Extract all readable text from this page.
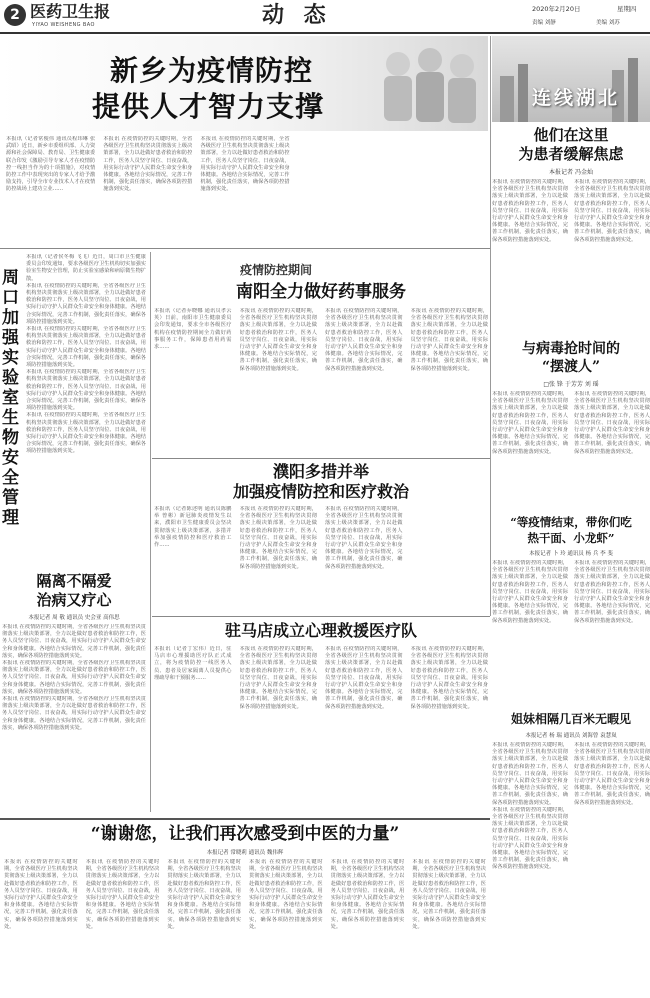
2 医药卫生报
YIYAO WEISHENG BAO	动 态	2020年2月20日	星期四
责编 刘靜	美编 刘苏
新乡为疫情防控
提供人才智力支撑

本报讯（记者常俊伟 通讯员程玮琳 张武昭）近日，新乡市委组织部、人力资源和社会保障局、教育局、卫生健康委联合印发《激励引导专家人才在疫情防控一线担当作为的十项措施》，对疫情防控工作中表现突出的专家人才给予激励支持，引导全市专业技术人才在疫情防控战场上建功立业……

本报讯 在疫情防控的关键时期，全省各级医疗卫生机构坚决贯彻落实上级决策部署，全力以赴做好患者救治和防控工作，医务人员坚守岗位、日夜奋战，用实际行动守护人民群众生命安全和身体健康。各地结合实际情况，完善工作机制，强化责任落实，确保各项防控措施落到实处。

本报讯 在疫情防控的关键时期，全省各级医疗卫生机构坚决贯彻落实上级决策部署，全力以赴做好患者救治和防控工作，医务人员坚守岗位、日夜奋战，用实际行动守护人民群众生命安全和身体健康。各地结合实际情况，完善工作机制，强化责任落实，确保各项防控措施落到实处。

连线湖北
他们在这里
为患者缓解焦虑
本报记者 冯金灿

本报讯 在疫情防控的关键时期，全省各级医疗卫生机构坚决贯彻落实上级决策部署，全力以赴做好患者救治和防控工作，医务人员坚守岗位、日夜奋战，用实际行动守护人民群众生命安全和身体健康。各地结合实际情况，完善工作机制，强化责任落实，确保各项防控措施落到实处。

本报讯 在疫情防控的关键时期，全省各级医疗卫生机构坚决贯彻落实上级决策部署，全力以赴做好患者救治和防控工作，医务人员坚守岗位、日夜奋战，用实际行动守护人民群众生命安全和身体健康。各地结合实际情况，完善工作机制，强化责任落实，确保各项防控措施落到实处。

与病毒抢时间的
“摆渡人”
□张 锋 于芳芳 刘 瑶

本报讯 在疫情防控的关键时期，全省各级医疗卫生机构坚决贯彻落实上级决策部署，全力以赴做好患者救治和防控工作，医务人员坚守岗位、日夜奋战，用实际行动守护人民群众生命安全和身体健康。各地结合实际情况，完善工作机制，强化责任落实，确保各项防控措施落到实处。

本报讯 在疫情防控的关键时期，全省各级医疗卫生机构坚决贯彻落实上级决策部署，全力以赴做好患者救治和防控工作，医务人员坚守岗位、日夜奋战，用实际行动守护人民群众生命安全和身体健康。各地结合实际情况，完善工作机制，强化责任落实，确保各项防控措施落到实处。

“等疫情结束，带你们吃
热干面、小龙虾”
本报记者 卜 玲 通讯员 杨 兵 李 斐

本报讯 在疫情防控的关键时期，全省各级医疗卫生机构坚决贯彻落实上级决策部署，全力以赴做好患者救治和防控工作，医务人员坚守岗位、日夜奋战，用实际行动守护人民群众生命安全和身体健康。各地结合实际情况，完善工作机制，强化责任落实，确保各项防控措施落到实处。

本报讯 在疫情防控的关键时期，全省各级医疗卫生机构坚决贯彻落实上级决策部署，全力以赴做好患者救治和防控工作，医务人员坚守岗位、日夜奋战，用实际行动守护人民群众生命安全和身体健康。各地结合实际情况，完善工作机制，强化责任落实，确保各项防控措施落到实处。

姐妹相隔几百米无暇见
本报记者 杨 瑞 通讯员 刘海曾 袁慧岚

本报讯 在疫情防控的关键时期，全省各级医疗卫生机构坚决贯彻落实上级决策部署，全力以赴做好患者救治和防控工作，医务人员坚守岗位、日夜奋战，用实际行动守护人民群众生命安全和身体健康。各地结合实际情况，完善工作机制，强化责任落实，确保各项防控措施落到实处。

本报讯 在疫情防控的关键时期，全省各级医疗卫生机构坚决贯彻落实上级决策部署，全力以赴做好患者救治和防控工作，医务人员坚守岗位、日夜奋战，用实际行动守护人民群众生命安全和身体健康。各地结合实际情况，完善工作机制，强化责任落实，确保各项防控措施落到实处。

本报讯 在疫情防控的关键时期，全省各级医疗卫生机构坚决贯彻落实上级决策部署，全力以赴做好患者救治和防控工作，医务人员坚守岗位、日夜奋战，用实际行动守护人民群众生命安全和身体健康。各地结合实际情况，完善工作机制，强化责任落实，确保各项防控措施落到实处。

周口加强实验室生物安全管理

本报讯（记者侯冬梅 飞飞）近日，周口市卫生健康委员会印发通知，要求各级医疗卫生机构切实加强实验室生物安全管理，防止实验室感染和病原微生物扩散。

本报讯 在疫情防控的关键时期，全省各级医疗卫生机构坚决贯彻落实上级决策部署，全力以赴做好患者救治和防控工作，医务人员坚守岗位、日夜奋战，用实际行动守护人民群众生命安全和身体健康。各地结合实际情况，完善工作机制，强化责任落实，确保各项防控措施落到实处。

本报讯 在疫情防控的关键时期，全省各级医疗卫生机构坚决贯彻落实上级决策部署，全力以赴做好患者救治和防控工作，医务人员坚守岗位、日夜奋战，用实际行动守护人民群众生命安全和身体健康。各地结合实际情况，完善工作机制，强化责任落实，确保各项防控措施落到实处。

本报讯 在疫情防控的关键时期，全省各级医疗卫生机构坚决贯彻落实上级决策部署，全力以赴做好患者救治和防控工作，医务人员坚守岗位、日夜奋战，用实际行动守护人民群众生命安全和身体健康。各地结合实际情况，完善工作机制，强化责任落实，确保各项防控措施落到实处。

本报讯 在疫情防控的关键时期，全省各级医疗卫生机构坚决贯彻落实上级决策部署，全力以赴做好患者救治和防控工作，医务人员坚守岗位、日夜奋战，用实际行动守护人民群众生命安全和身体健康。各地结合实际情况，完善工作机制，强化责任落实，确保各项防控措施落到实处。

疫情防控期间
南阳全力做好药事服务

本报讯（记者乔晓娜 通讯员孝云英）日前，南阳市卫生健康委员会印发通知，要求全市各级医疗机构在疫情防控期间全力做好药事服务工作，保障患者用药需求……

本报讯 在疫情防控的关键时期，全省各级医疗卫生机构坚决贯彻落实上级决策部署，全力以赴做好患者救治和防控工作，医务人员坚守岗位、日夜奋战，用实际行动守护人民群众生命安全和身体健康。各地结合实际情况，完善工作机制，强化责任落实，确保各项防控措施落到实处。

本报讯 在疫情防控的关键时期，全省各级医疗卫生机构坚决贯彻落实上级决策部署，全力以赴做好患者救治和防控工作，医务人员坚守岗位、日夜奋战，用实际行动守护人民群众生命安全和身体健康。各地结合实际情况，完善工作机制，强化责任落实，确保各项防控措施落到实处。

本报讯 在疫情防控的关键时期，全省各级医疗卫生机构坚决贯彻落实上级决策部署，全力以赴做好患者救治和防控工作，医务人员坚守岗位、日夜奋战，用实际行动守护人民群众生命安全和身体健康。各地结合实际情况，完善工作机制，强化责任落实，确保各项防控措施落到实处。

濮阳多措并举
加强疫情防控和医疗救治

本报讯（记者陈述明 通讯员陈鹏举 曾彬）新冠肺炎疫情发生以来，濮阳市卫生健康委员会坚决贯彻落实上级决策部署，多措并举加强疫情防控和医疗救治工作……

本报讯 在疫情防控的关键时期，全省各级医疗卫生机构坚决贯彻落实上级决策部署，全力以赴做好患者救治和防控工作，医务人员坚守岗位、日夜奋战，用实际行动守护人民群众生命安全和身体健康。各地结合实际情况，完善工作机制，强化责任落实，确保各项防控措施落到实处。

本报讯 在疫情防控的关键时期，全省各级医疗卫生机构坚决贯彻落实上级决策部署，全力以赴做好患者救治和防控工作，医务人员坚守岗位、日夜奋战，用实际行动守护人民群众生命安全和身体健康。各地结合实际情况，完善工作机制，强化责任落实，确保各项防控措施落到实处。

隔离不隔爱
治病又疗心
本报记者 周 敬 通讯员 史会亚 高伟思

本报讯 在疫情防控的关键时期，全省各级医疗卫生机构坚决贯彻落实上级决策部署，全力以赴做好患者救治和防控工作，医务人员坚守岗位、日夜奋战，用实际行动守护人民群众生命安全和身体健康。各地结合实际情况，完善工作机制，强化责任落实，确保各项防控措施落到实处。

本报讯 在疫情防控的关键时期，全省各级医疗卫生机构坚决贯彻落实上级决策部署，全力以赴做好患者救治和防控工作，医务人员坚守岗位、日夜奋战，用实际行动守护人民群众生命安全和身体健康。各地结合实际情况，完善工作机制，强化责任落实，确保各项防控措施落到实处。

本报讯 在疫情防控的关键时期，全省各级医疗卫生机构坚决贯彻落实上级决策部署，全力以赴做好患者救治和防控工作，医务人员坚守岗位、日夜奋战，用实际行动守护人民群众生命安全和身体健康。各地结合实际情况，完善工作机制，强化责任落实，确保各项防控措施落到实处。

驻马店成立心理救援医疗队

本报讯（记者丁宏伟）近日，驻马店市心理援助医疗队正式成立，将为疫情防控一线医务人员、患者及居家隔离人员提供心理疏导和干预服务……

本报讯 在疫情防控的关键时期，全省各级医疗卫生机构坚决贯彻落实上级决策部署，全力以赴做好患者救治和防控工作，医务人员坚守岗位、日夜奋战，用实际行动守护人民群众生命安全和身体健康。各地结合实际情况，完善工作机制，强化责任落实，确保各项防控措施落到实处。

本报讯 在疫情防控的关键时期，全省各级医疗卫生机构坚决贯彻落实上级决策部署，全力以赴做好患者救治和防控工作，医务人员坚守岗位、日夜奋战，用实际行动守护人民群众生命安全和身体健康。各地结合实际情况，完善工作机制，强化责任落实，确保各项防控措施落到实处。

本报讯 在疫情防控的关键时期，全省各级医疗卫生机构坚决贯彻落实上级决策部署，全力以赴做好患者救治和防控工作，医务人员坚守岗位、日夜奋战，用实际行动守护人民群众生命安全和身体健康。各地结合实际情况，完善工作机制，强化责任落实，确保各项防控措施落到实处。

“谢谢您，让我们再次感受到中医的力量”
本报记者 常晓莉 通讯员 魏伟辉

本报讯 在疫情防控的关键时期，全省各级医疗卫生机构坚决贯彻落实上级决策部署，全力以赴做好患者救治和防控工作，医务人员坚守岗位、日夜奋战，用实际行动守护人民群众生命安全和身体健康。各地结合实际情况，完善工作机制，强化责任落实，确保各项防控措施落到实处。

本报讯 在疫情防控的关键时期，全省各级医疗卫生机构坚决贯彻落实上级决策部署，全力以赴做好患者救治和防控工作，医务人员坚守岗位、日夜奋战，用实际行动守护人民群众生命安全和身体健康。各地结合实际情况，完善工作机制，强化责任落实，确保各项防控措施落到实处。

本报讯 在疫情防控的关键时期，全省各级医疗卫生机构坚决贯彻落实上级决策部署，全力以赴做好患者救治和防控工作，医务人员坚守岗位、日夜奋战，用实际行动守护人民群众生命安全和身体健康。各地结合实际情况，完善工作机制，强化责任落实，确保各项防控措施落到实处。

本报讯 在疫情防控的关键时期，全省各级医疗卫生机构坚决贯彻落实上级决策部署，全力以赴做好患者救治和防控工作，医务人员坚守岗位、日夜奋战，用实际行动守护人民群众生命安全和身体健康。各地结合实际情况，完善工作机制，强化责任落实，确保各项防控措施落到实处。

本报讯 在疫情防控的关键时期，全省各级医疗卫生机构坚决贯彻落实上级决策部署，全力以赴做好患者救治和防控工作，医务人员坚守岗位、日夜奋战，用实际行动守护人民群众生命安全和身体健康。各地结合实际情况，完善工作机制，强化责任落实，确保各项防控措施落到实处。

本报讯 在疫情防控的关键时期，全省各级医疗卫生机构坚决贯彻落实上级决策部署，全力以赴做好患者救治和防控工作，医务人员坚守岗位、日夜奋战，用实际行动守护人民群众生命安全和身体健康。各地结合实际情况，完善工作机制，强化责任落实，确保各项防控措施落到实处。
